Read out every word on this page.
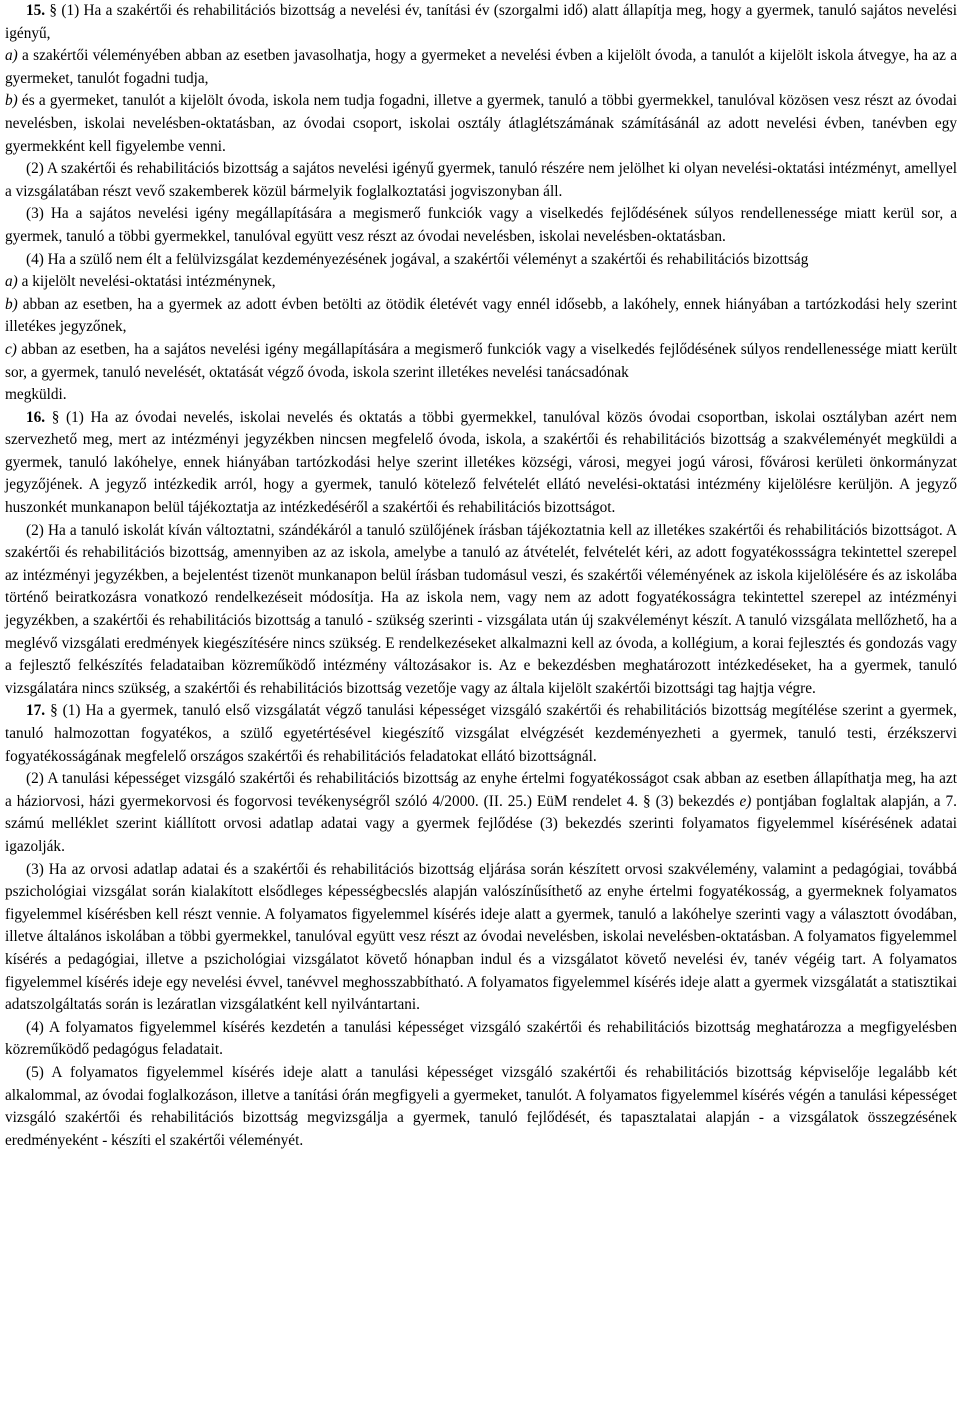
15. § (1) Ha a szakértői és rehabilitációs bizottság a nevelési év, tanítási év (szorgalmi idő) alatt állapítja meg, hogy a gyermek, tanuló sajátos nevelési igényű,

a) a szakértői véleményében abban az esetben javasolhatja, hogy a gyermeket a nevelési évben a kijelölt óvoda, a tanulót a kijelölt iskola átvegye, ha az a gyermeket, tanulót fogadni tudja,

b) és a gyermeket, tanulót a kijelölt óvoda, iskola nem tudja fogadni, illetve a gyermek, tanuló a többi gyermekkel, tanulóval közösen vesz részt az óvodai nevelésben, iskolai nevelésben-oktatásban, az óvodai csoport, iskolai osztály átlaglétszámának számításánál az adott nevelési évben, tanévben egy gyermekként kell figyelembe venni.

(2) A szakértői és rehabilitációs bizottság a sajátos nevelési igényű gyermek, tanuló részére nem jelölhet ki olyan nevelési-oktatási intézményt, amellyel a vizsgálatában részt vevő szakemberek közül bármelyik foglalkoztatási jogviszonyban áll.

(3) Ha a sajátos nevelési igény megállapítására a megismerő funkciók vagy a viselkedés fejlődésének súlyos rendellenessége miatt kerül sor, a gyermek, tanuló a többi gyermekkel, tanulóval együtt vesz részt az óvodai nevelésben, iskolai nevelésben-oktatásban.

(4) Ha a szülő nem élt a felülvizsgálat kezdeményezésének jogával, a szakértői véleményt a szakértői és rehabilitációs bizottság

a) a kijelölt nevelési-oktatási intézménynek,

b) abban az esetben, ha a gyermek az adott évben betölti az ötödik életévét vagy ennél idősebb, a lakóhely, ennek hiányában a tartózkodási hely szerint illetékes jegyzőnek,

c) abban az esetben, ha a sajátos nevelési igény megállapítására a megismerő funkciók vagy a viselkedés fejlődésének súlyos rendellenessége miatt került sor, a gyermek, tanuló nevelését, oktatását végző óvoda, iskola szerint illetékes nevelési tanácsadónak

megküldi.

16. § (1) Ha az óvodai nevelés, iskolai nevelés és oktatás a többi gyermekkel, tanulóval közös óvodai csoportban, iskolai osztályban azért nem szervezhető meg, mert az intézményi jegyzékben nincsen megfelelő óvoda, iskola, a szakértői és rehabilitációs bizottság a szakvéleményét megküldi a gyermek, tanuló lakóhelye, ennek hiányában tartózkodási helye szerint illetékes községi, városi, megyei jogú városi, fővárosi kerületi önkormányzat jegyzőjének. A jegyző intézkedik arról, hogy a gyermek, tanuló kötelező felvételét ellátó nevelési-oktatási intézmény kijelölésre kerüljön. A jegyző huszonkét munkanapon belül tájékoztatja az intézkedéséről a szakértői és rehabilitációs bizottságot.

(2) Ha a tanuló iskolát kíván változtatni, szándékáról a tanuló szülőjének írásban tájékoztatnia kell az illetékes szakértői és rehabilitációs bizottságot. A szakértői és rehabilitációs bizottság, amennyiben az az iskola, amelybe a tanuló az átvételét, felvételét kéri, az adott fogyatékossságra tekintettel szerepel az intézményi jegyzékben, a bejelentést tizenöt munkanapon belül írásban tudomásul veszi, és szakértői véleményének az iskola kijelölésére és az iskolába történő beiratkozásra vonatkozó rendelkezéseit módosítja. Ha az iskola nem, vagy nem az adott fogyatékosságra tekintettel szerepel az intézményi jegyzékben, a szakértői és rehabilitációs bizottság a tanuló - szükség szerinti - vizsgálata után új szakvéleményt készít. A tanuló vizsgálata mellőzhető, ha a meglévő vizsgálati eredmények kiegészítésére nincs szükség. E rendelkezéseket alkalmazni kell az óvoda, a kollégium, a korai fejlesztés és gondozás vagy a fejlesztő felkészítés feladataiban közreműködő intézmény változásakor is. Az e bekezdésben meghatározott intézkedéseket, ha a gyermek, tanuló vizsgálatára nincs szükség, a szakértői és rehabilitációs bizottság vezetője vagy az általa kijelölt szakértői bizottsági tag hajtja végre.

17. § (1) Ha a gyermek, tanuló első vizsgálatát végző tanulási képességet vizsgáló szakértői és rehabilitációs bizottság megítélése szerint a gyermek, tanuló halmozottan fogyatékos, a szülő egyetértésével kiegészítő vizsgálat elvégzését kezdeményezheti a gyermek, tanuló testi, érzékszervi fogyatékosságának megfelelő országos szakértői és rehabilitációs feladatokat ellátó bizottságnál.

(2) A tanulási képességet vizsgáló szakértői és rehabilitációs bizottság az enyhe értelmi fogyatékosságot csak abban az esetben állapíthatja meg, ha azt a háziorvosi, házi gyermekorvosi és fogorvosi tevékenységről szóló 4/2000. (II. 25.) EüM rendelet 4. § (3) bekezdés e) pontjában foglaltak alapján, a 7. számú melléklet szerint kiállított orvosi adatlap adatai vagy a gyermek fejlődése (3) bekezdés szerinti folyamatos figyelemmel kísérésének adatai igazolják.

(3) Ha az orvosi adatlap adatai és a szakértői és rehabilitációs bizottság eljárása során készített orvosi szakvélemény, valamint a pedagógiai, továbbá pszichológiai vizsgálat során kialakított elsődleges képességbecslés alapján valószínűsíthető az enyhe értelmi fogyatékosság, a gyermeknek folyamatos figyelemmel kísérésben kell részt vennie. A folyamatos figyelemmel kísérés ideje alatt a gyermek, tanuló a lakóhelye szerinti vagy a választott óvodában, illetve általános iskolában a többi gyermekkel, tanulóval együtt vesz részt az óvodai nevelésben, iskolai nevelésben-oktatásban. A folyamatos figyelemmel kísérés a pedagógiai, illetve a pszichológiai vizsgálatot követő hónapban indul és a vizsgálatot követő nevelési év, tanév végéig tart. A folyamatos figyelemmel kísérés ideje egy nevelési évvel, tanévvel meghosszabbítható. A folyamatos figyelemmel kísérés ideje alatt a gyermek vizsgálatát a statisztikai adatszolgáltatás során is lezáratlan vizsgálatként kell nyilvántartani.

(4) A folyamatos figyelemmel kísérés kezdetén a tanulási képességet vizsgáló szakértői és rehabilitációs bizottság meghatározza a megfigyelésben közreműködő pedagógus feladatait.

(5) A folyamatos figyelemmel kísérés ideje alatt a tanulási képességet vizsgáló szakértői és rehabilitációs bizottság képviselője legalább két alkalommal, az óvodai foglalkozáson, illetve a tanítási órán megfigyeli a gyermeket, tanulót. A folyamatos figyelemmel kísérés végén a tanulási képességet vizsgáló szakértői és rehabilitációs bizottság megvizsgálja a gyermek, tanuló fejlődését, és tapasztalatai alapján - a vizsgálatok összegzésének eredményeként - készíti el szakértői véleményét.
